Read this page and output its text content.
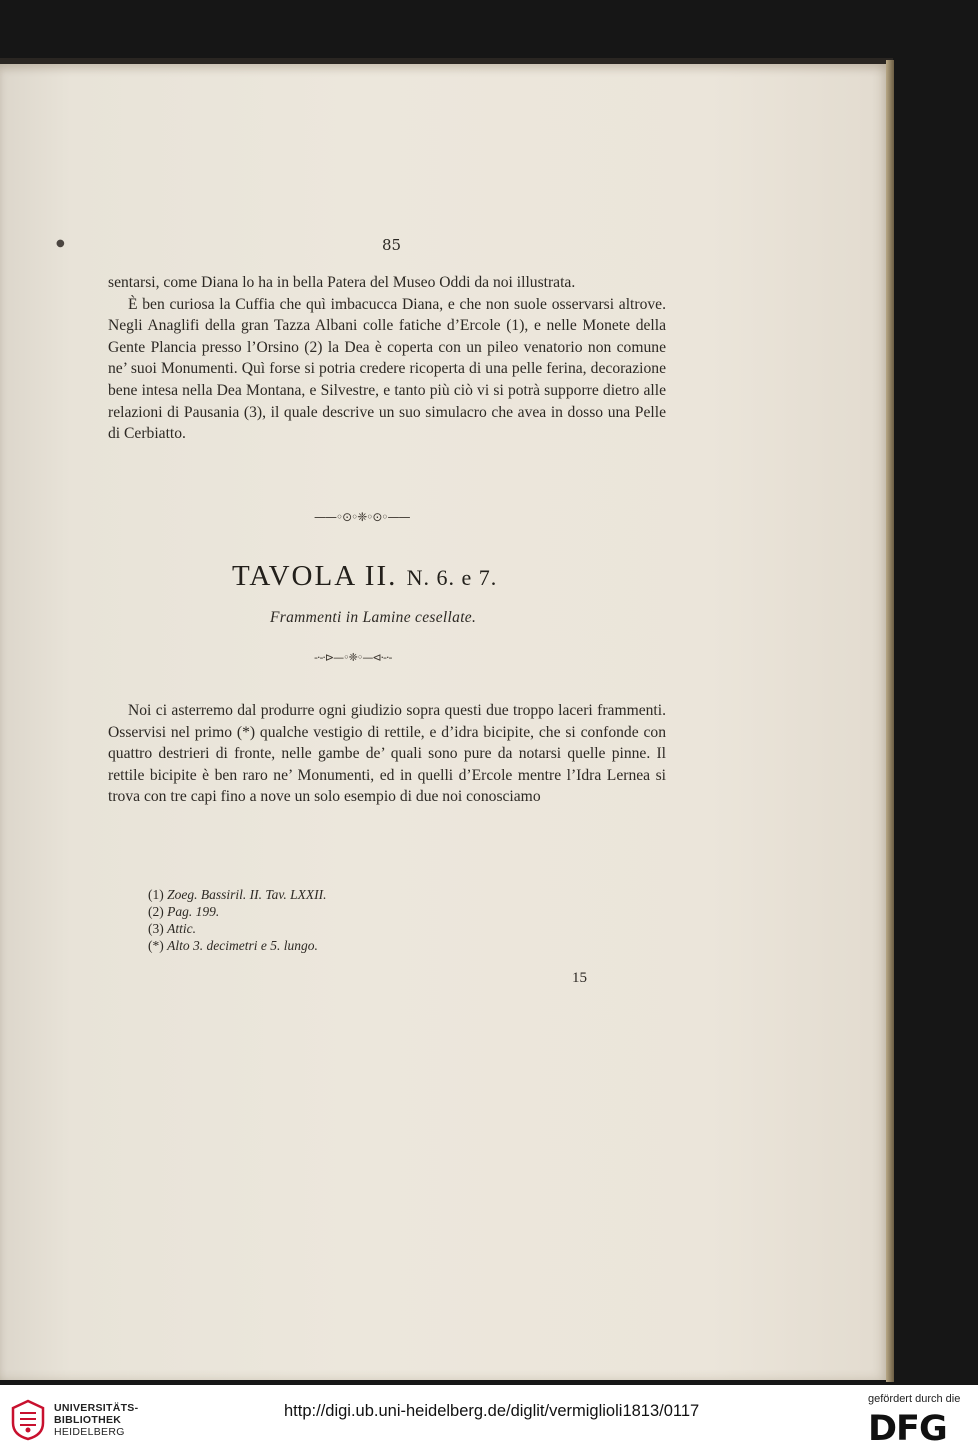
●	85

sentarsi, come Diana lo ha in bella Patera del Museo Oddi da noi illustrata.

È ben curiosa la Cuffia che quì imbacucca Diana, e che non suole osservarsi altrove. Negli Anaglifi della gran Tazza Albani colle fatiche d’Ercole (1), e nelle Monete della Gente Plancia presso l’Orsino (2) la Dea è coperta con un pileo venatorio non comune ne’ suoi Monumenti. Quì forse si potria credere ricoperta di una pelle ferina, decorazione bene intesa nella Dea Montana, e Silvestre, e tanto più ciò vi si potrà supporre dietro alle relazioni di Pausania (3), il quale descrive un suo simulacro che avea in dosso una Pelle di Cerbiatto.

——◦⊙◦❈◦⊙◦——
TAVOLA II. N. 6. e 7.
Frammenti in Lamine cesellate.
-·-·⊳—◦❈◦—⊲·-·-

Noi ci asterremo dal produrre ogni giudizio sopra questi due troppo laceri frammenti. Osservisi nel primo (*) qualche vestigio di rettile, e d’idra bicipite, che si confonde con quattro destrieri di fronte, nelle gambe de’ quali sono pure da notarsi quelle pinne. Il rettile bicipite è ben raro ne’ Monumenti, ed in quelli d’Ercole mentre l’Idra Lernea si trova con tre capi fino a nove un solo esempio di due noi conosciamo

(1) Zoeg. Bassiril. II. Tav. LXXII.
(2) Pag. 199.
(3) Attic.
(*) Alto 3. decimetri e 5. lungo.
15
UNIVERSITÄTS-
BIBLIOTHEK
HEIDELBERG
http://digi.ub.uni-heidelberg.de/diglit/vermiglioli1813/0117
gefördert durch die
DFG
